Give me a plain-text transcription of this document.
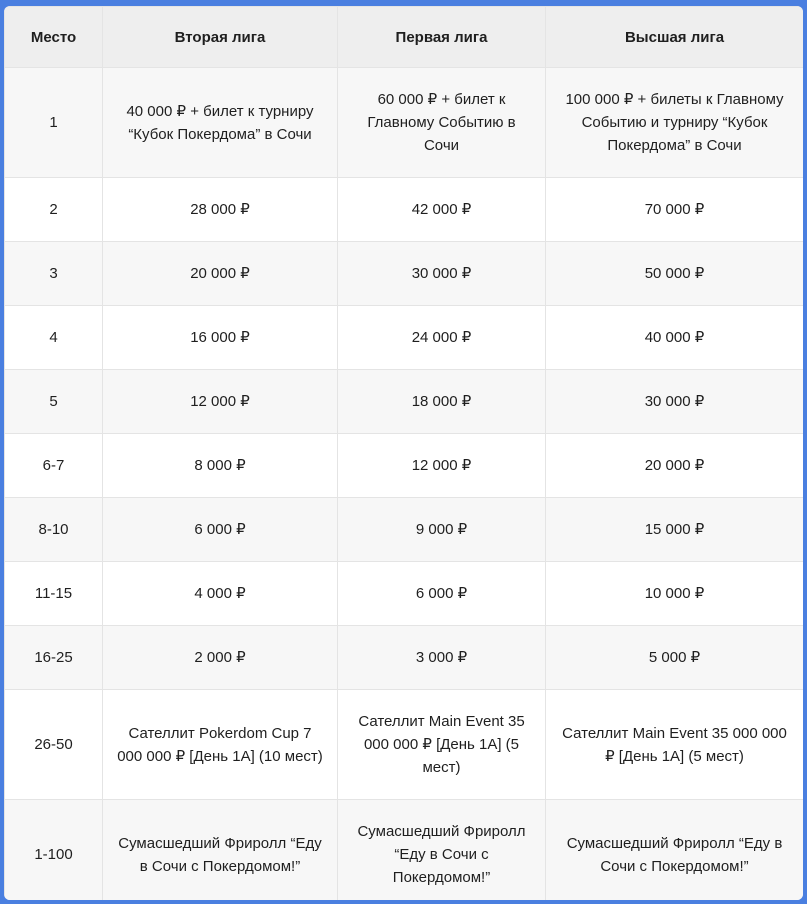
Место	Вторая лига	Первая лига	Высшая лига
1	40 000 ₽ + билет к турниру “Кубок Покердома” в Сочи	60 000 ₽ + билет к Главному Событию в Сочи	100 000 ₽ + билеты к Главному Событию и турниру “Кубок Покердома” в Сочи
2	28 000 ₽	42 000 ₽	70 000 ₽
3	20 000 ₽	30 000 ₽	50 000 ₽
4	16 000 ₽	24 000 ₽	40 000 ₽
5	12 000 ₽	18 000 ₽	30 000 ₽
6-7	8 000 ₽	12 000 ₽	20 000 ₽
8-10	6 000 ₽	9 000 ₽	15 000 ₽
11-15	4 000 ₽	6 000 ₽	10 000 ₽
16-25	2 000 ₽	3 000 ₽	5 000 ₽
26-50	Сателлит Pokerdom Cup 7 000 000 ₽ [День 1A] (10 мест)	Сателлит Main Event 35 000 000 ₽ [День 1A] (5 мест)	Сателлит Main Event 35 000 000 ₽ [День 1A] (5 мест)
1-100	Сумасшедший Фриролл “Еду в Сочи с Покердомом!”	Сумасшедший Фриролл “Еду в Сочи с Покердомом!”	Сумасшедший Фриролл “Еду в Сочи с Покердомом!”
